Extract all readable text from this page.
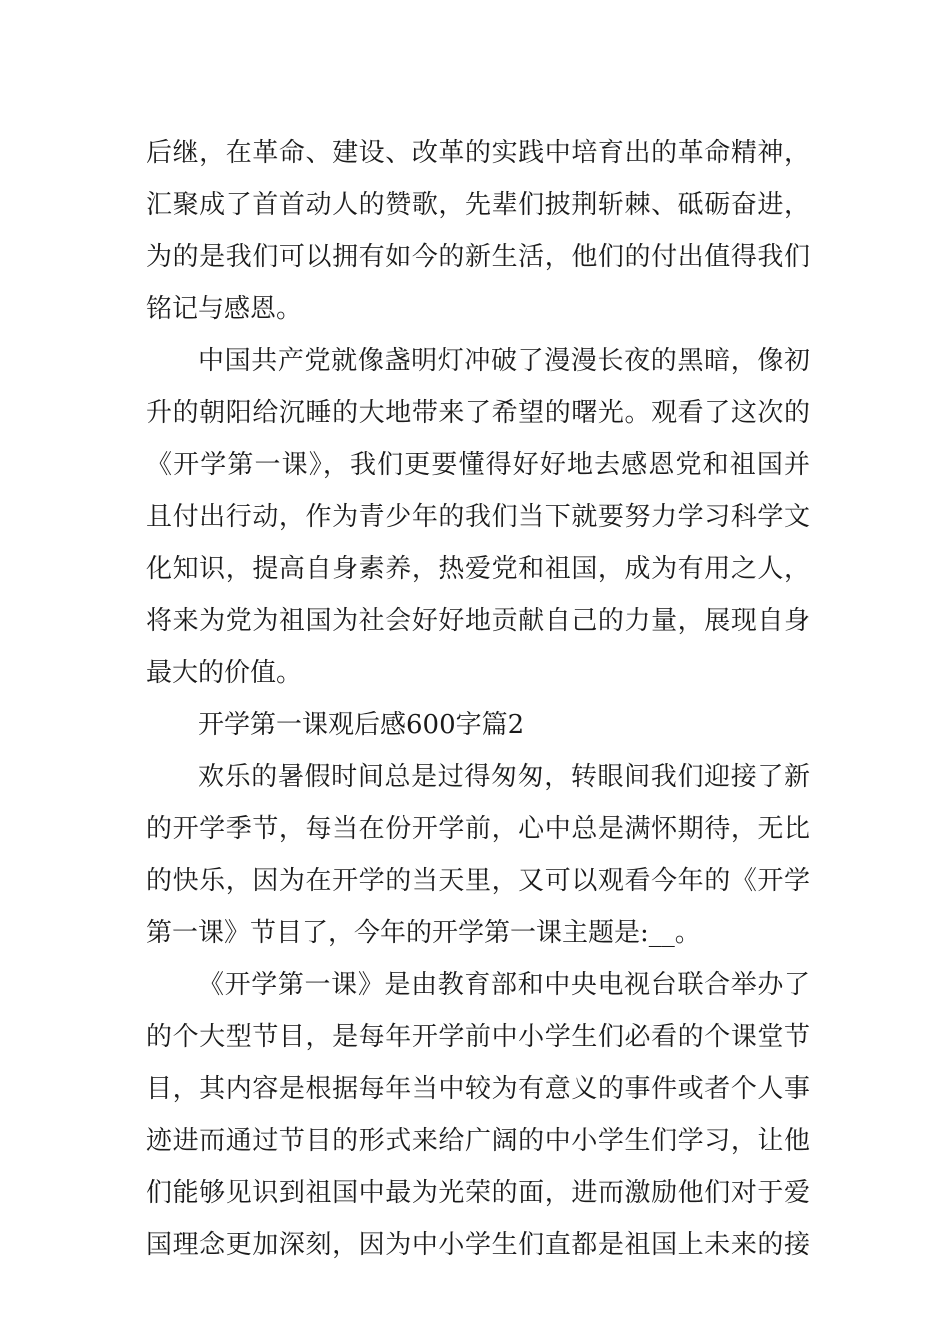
后继，在革命、建设、改革的实践中培育出的革命精神，
汇聚成了首首动人的赞歌，先辈们披荆斩棘、砥砺奋进，
为的是我们可以拥有如今的新生活，他们的付出值得我们
铭记与感恩。
中国共产党就像盏明灯冲破了漫漫长夜的黑暗，像初
升的朝阳给沉睡的大地带来了希望的曙光。观看了这次的
《开学第一课》，我们更要懂得好好地去感恩党和祖国并
且付出行动，作为青少年的我们当下就要努力学习科学文
化知识，提高自身素养，热爱党和祖国，成为有用之人，
将来为党为祖国为社会好好地贡献自己的力量，展现自身
最大的价值。
开学第一课观后感600字篇2
欢乐的暑假时间总是过得匆匆，转眼间我们迎接了新
的开学季节，每当在份开学前，心中总是满怀期待，无比
的快乐，因为在开学的当天里，又可以观看今年的《开学
第一课》节目了，今年的开学第一课主题是:__。
《开学第一课》是由教育部和中央电视台联合举办了
的个大型节目，是每年开学前中小学生们必看的个课堂节
目，其内容是根据每年当中较为有意义的事件或者个人事
迹进而通过节目的形式来给广阔的中小学生们学习，让他
们能够见识到祖国中最为光荣的面，进而激励他们对于爱
国理念更加深刻，因为中小学生们直都是祖国上未来的接
